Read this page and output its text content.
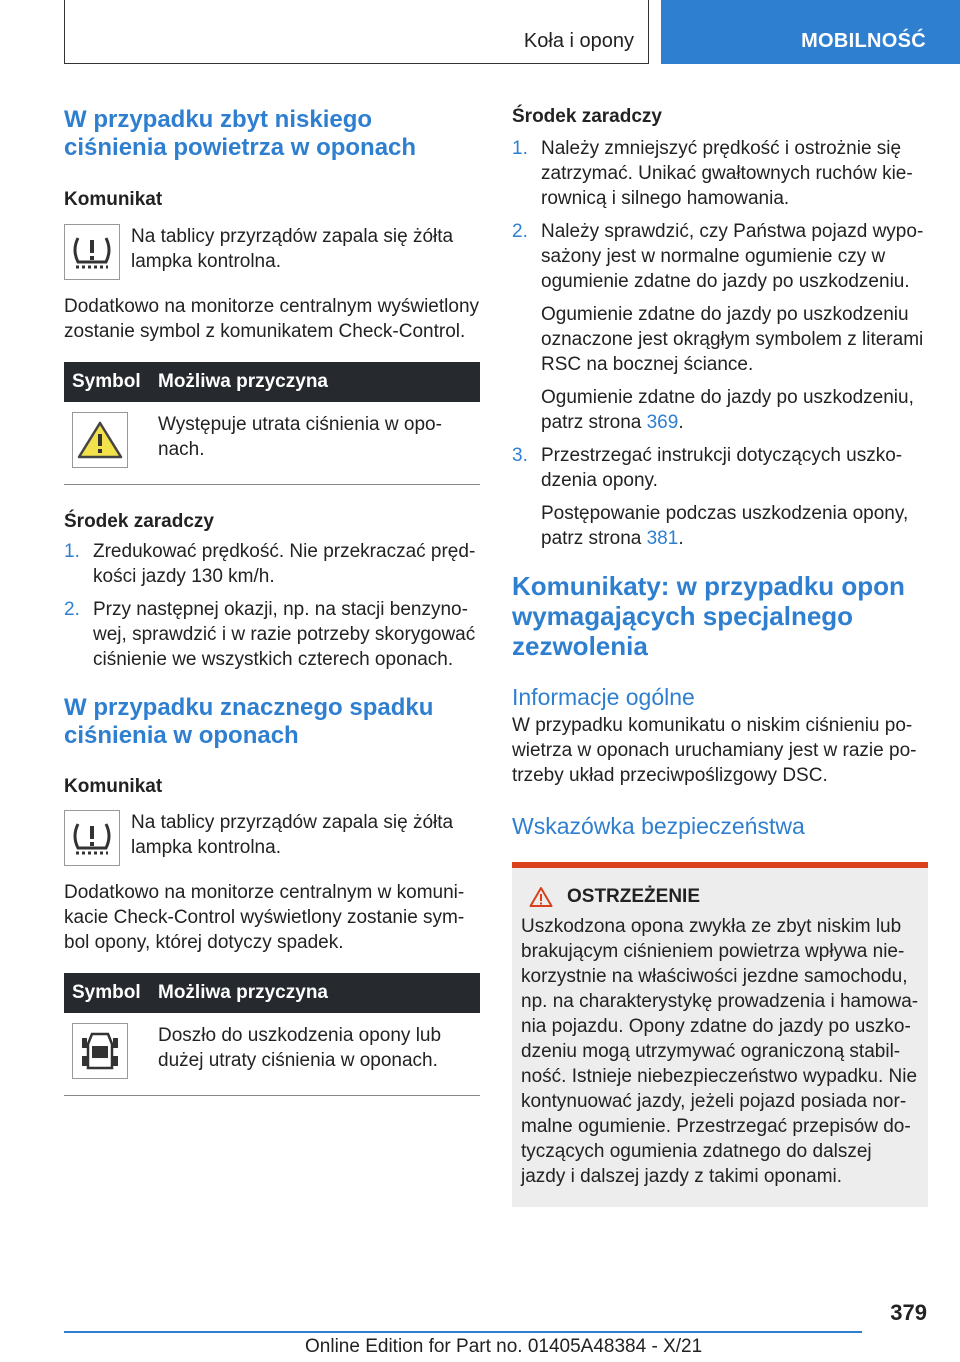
Koła i opony	MOBILNOŚĆ
W przypadku zbyt niskiego ciśnienia powietrza w oponach
Komunikat
Na tablicy przyrządów zapala się żółta lampka kontrolna.

Dodatkowo na monitorze centralnym wyświetlony zostanie symbol z komunikatem Check-Control.

Symbol	Możliwa przyczyna

	Występuje utrata ciśnienia w oponach.
Środek zaradczy
1. Zredukować prędkość. Nie przekraczać prędkości jazdy 130 km/h.
2. Przy następnej okazji, np. na stacji benzynowej, sprawdzić i w razie potrzeby skorygować ciśnienie we wszystkich czterech oponach.
W przypadku znacznego spadku ciśnienia w oponach
Komunikat
Na tablicy przyrządów zapala się żółta lampka kontrolna.

Dodatkowo na monitorze centralnym w komunikacie Check-Control wyświetlony zostanie symbol opony, której dotyczy spadek.

Symbol	Możliwa przyczyna

	Doszło do uszkodzenia opony lub dużej utraty ciśnienia w oponach.
Środek zaradczy
1. Należy zmniejszyć prędkość i ostrożnie się zatrzymać. Unikać gwałtownych ruchów kierownicą i silnego hamowania.

2. Należy sprawdzić, czy Państwa pojazd wyposażony jest w normalne ogumienie czy w ogumienie zdatne do jazdy po uszkodzeniu.

Ogumienie zdatne do jazdy po uszkodzeniu oznaczone jest okrągłym symbolem z literami RSC na bocznej ściance.

Ogumienie zdatne do jazdy po uszkodzeniu, patrz strona 369.

3. Przestrzegać instrukcji dotyczących uszkodzenia opony.

Postępowanie podczas uszkodzenia opony, patrz strona 381.

Komunikaty: w przypadku opon wymagających specjalnego zezwolenia
Informacje ogólne

W przypadku komunikatu o niskim ciśnieniu powietrza w oponach uruchamiany jest w razie potrzeby układ przeciwpoślizgowy DSC.

Wskazówka bezpieczeństwa
OSTRZEŻENIE

Uszkodzona opona zwykła ze zbyt niskim lub brakującym ciśnieniem powietrza wpływa niekorzystnie na właściwości jezdne samochodu, np. na charakterystykę prowadzenia i hamowania pojazdu. Opony zdatne do jazdy po uszkodzeniu mogą utrzymywać ograniczoną stabilność. Istnieje niebezpieczeństwo wypadku. Nie kontynuować jazdy, jeżeli pojazd posiada normalne ogumienie. Przestrzegać przepisów dotyczących ogumienia zdatnego do dalszej jazdy i dalszej jazdy z takimi oponami.

379
Online Edition for Part no. 01405A48384 - X/21
